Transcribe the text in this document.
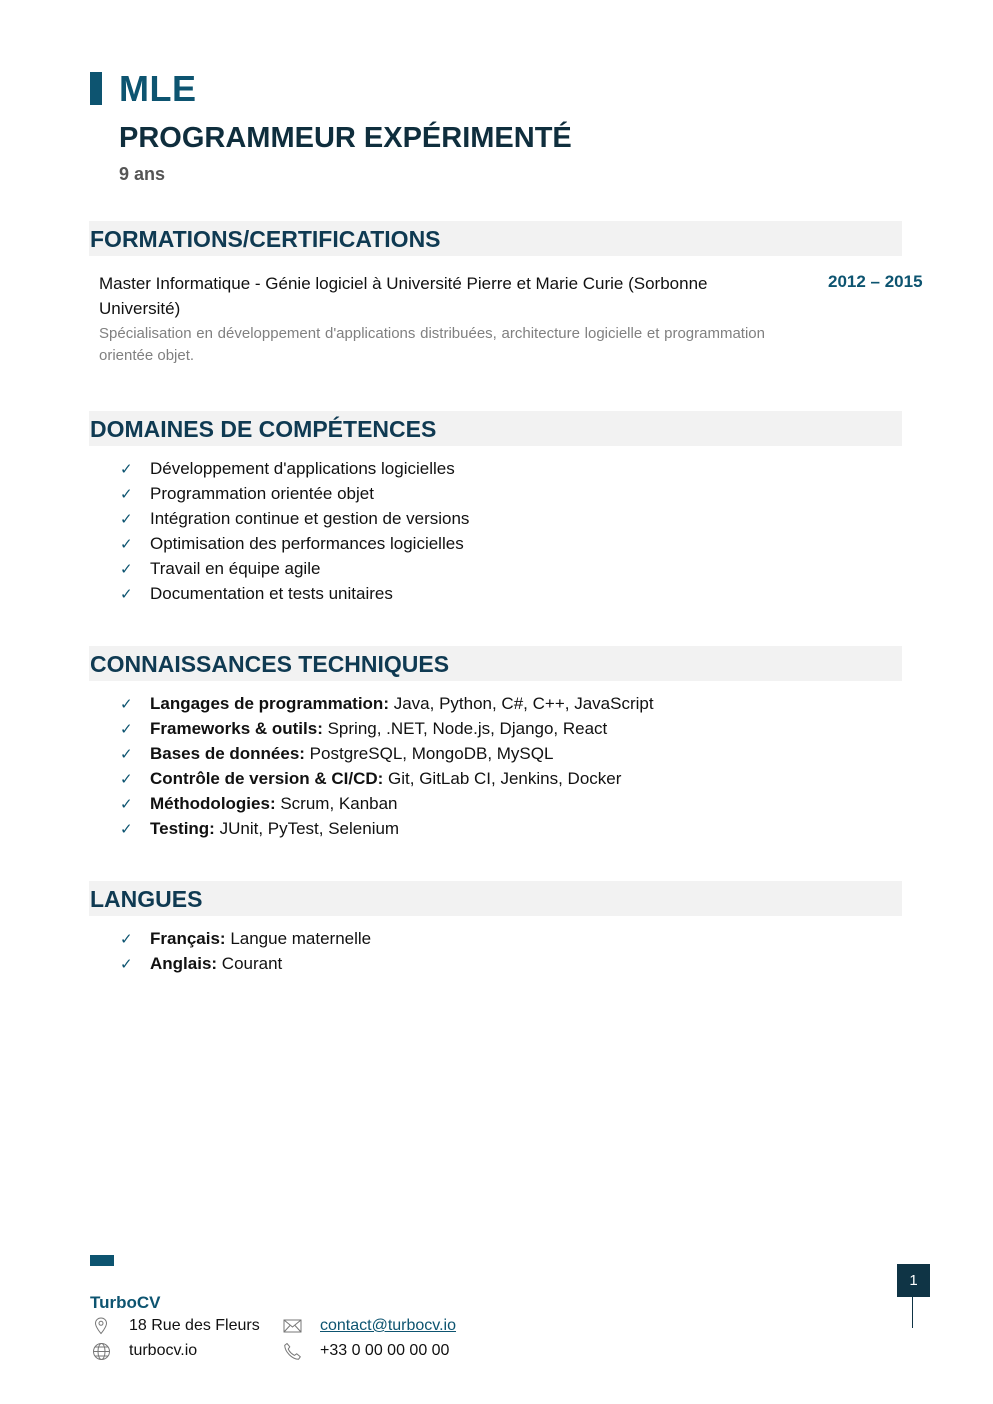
MLE
PROGRAMMEUR EXPÉRIMENTÉ
9 ans
FORMATIONS/CERTIFICATIONS
Master Informatique - Génie logiciel à Université Pierre et Marie Curie (Sorbonne Université)
2012 – 2015
Spécialisation en développement d'applications distribuées, architecture logicielle et programmation orientée objet.
DOMAINES DE COMPÉTENCES
✓ Développement d'applications logicielles
✓ Programmation orientée objet
✓ Intégration continue et gestion de versions
✓ Optimisation des performances logicielles
✓ Travail en équipe agile
✓ Documentation et tests unitaires
CONNAISSANCES TECHNIQUES
✓ Langages de programmation: Java, Python, C#, C++, JavaScript
✓ Frameworks & outils: Spring, .NET, Node.js, Django, React
✓ Bases de données: PostgreSQL, MongoDB, MySQL
✓ Contrôle de version & CI/CD: Git, GitLab CI, Jenkins, Docker
✓ Méthodologies: Scrum, Kanban
✓ Testing: JUnit, PyTest, Selenium
LANGUES
✓ Français: Langue maternelle
✓ Anglais: Courant
TurboCV
18 Rue des Fleurs
turbocv.io
contact@turbocv.io
+33 0 00 00 00 00
1
